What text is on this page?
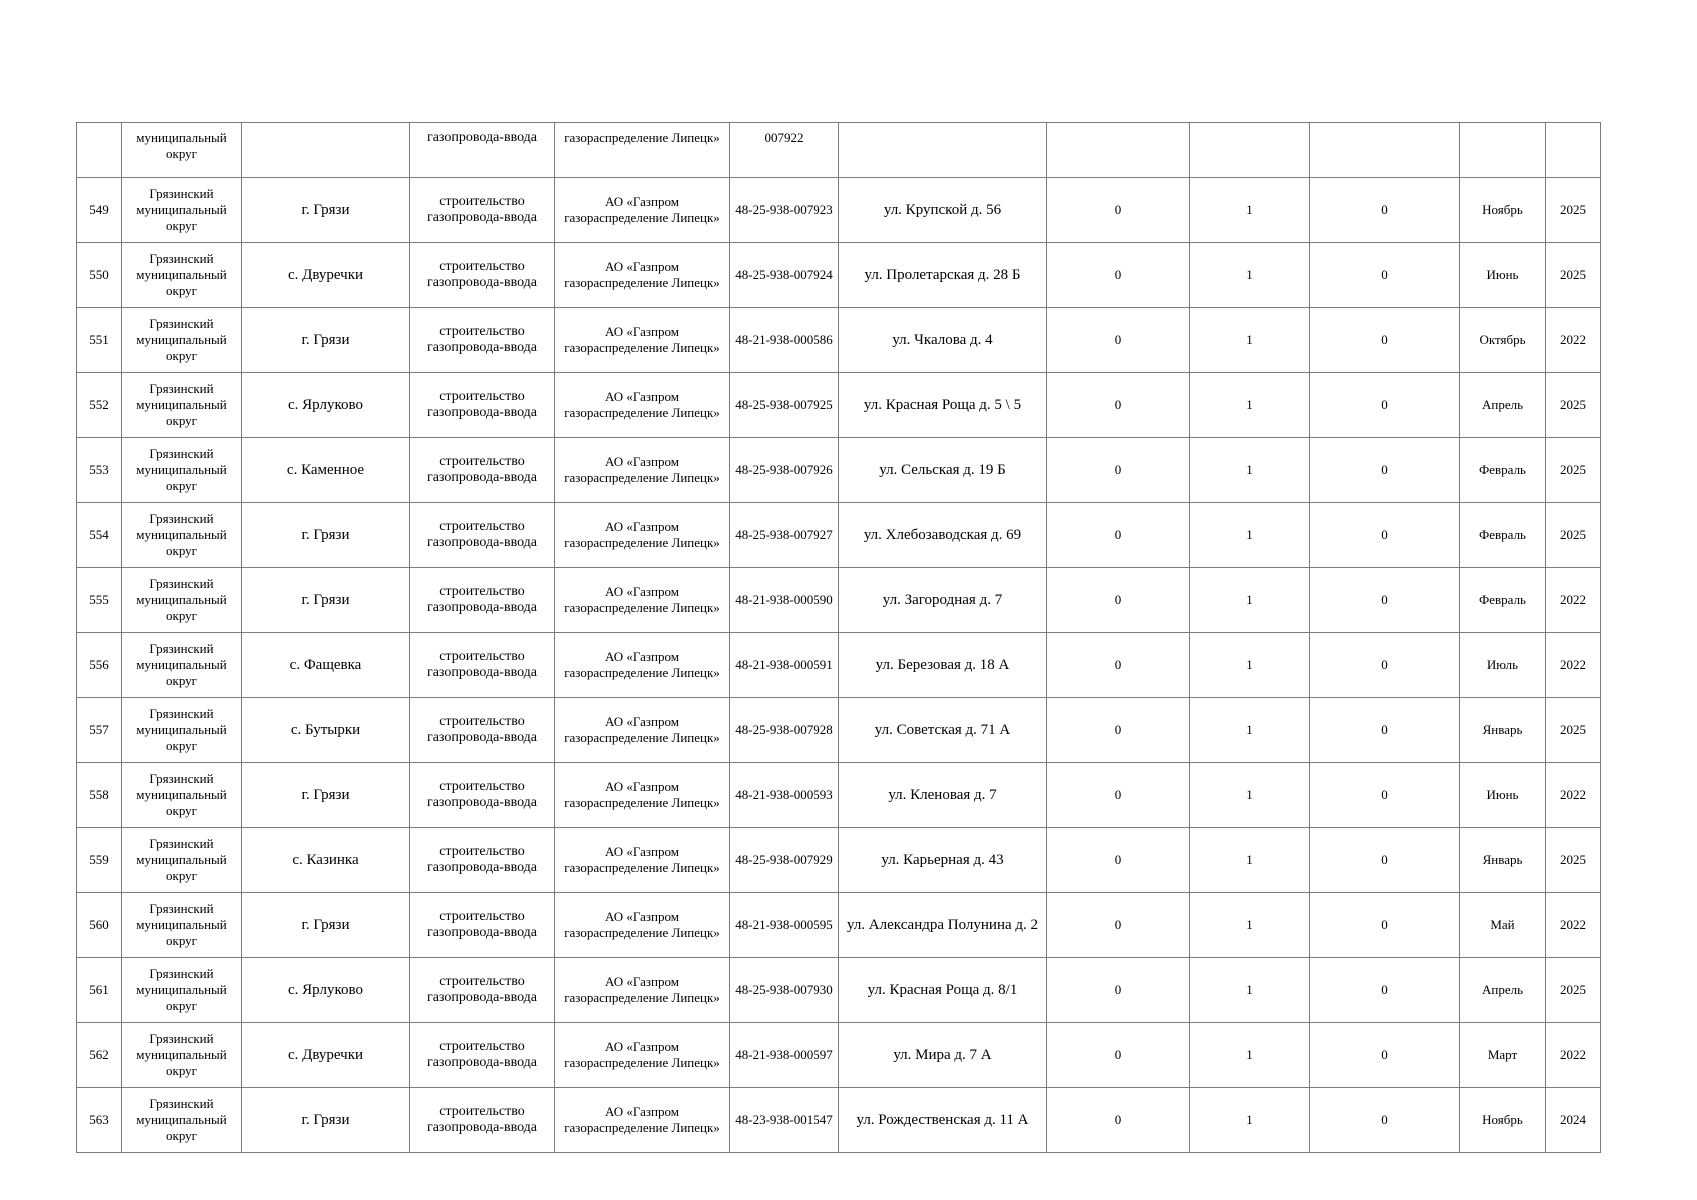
	муниципальный округ		газопровода-ввода	газораспределение Липецк»	007922						
549	Грязинский муниципальный округ	г. Грязи	строительство газопровода-ввода	АО «Газпром газораспределение Липецк»	48-25-938-007923	ул. Крупской д. 56	0	1	0	Ноябрь	2025
550	Грязинский муниципальный округ	с. Двуречки	строительство газопровода-ввода	АО «Газпром газораспределение Липецк»	48-25-938-007924	ул. Пролетарская д. 28 Б	0	1	0	Июнь	2025
551	Грязинский муниципальный округ	г. Грязи	строительство газопровода-ввода	АО «Газпром газораспределение Липецк»	48-21-938-000586	ул. Чкалова д. 4	0	1	0	Октябрь	2022
552	Грязинский муниципальный округ	с. Ярлуково	строительство газопровода-ввода	АО «Газпром газораспределение Липецк»	48-25-938-007925	ул. Красная Роща д. 5 \ 5	0	1	0	Апрель	2025
553	Грязинский муниципальный округ	с. Каменное	строительство газопровода-ввода	АО «Газпром газораспределение Липецк»	48-25-938-007926	ул. Сельская д. 19 Б	0	1	0	Февраль	2025
554	Грязинский муниципальный округ	г. Грязи	строительство газопровода-ввода	АО «Газпром газораспределение Липецк»	48-25-938-007927	ул. Хлебозаводская д. 69	0	1	0	Февраль	2025
555	Грязинский муниципальный округ	г. Грязи	строительство газопровода-ввода	АО «Газпром газораспределение Липецк»	48-21-938-000590	ул. Загородная д. 7	0	1	0	Февраль	2022
556	Грязинский муниципальный округ	с. Фащевка	строительство газопровода-ввода	АО «Газпром газораспределение Липецк»	48-21-938-000591	ул. Березовая д. 18 А	0	1	0	Июль	2022
557	Грязинский муниципальный округ	с. Бутырки	строительство газопровода-ввода	АО «Газпром газораспределение Липецк»	48-25-938-007928	ул. Советская д. 71 А	0	1	0	Январь	2025
558	Грязинский муниципальный округ	г. Грязи	строительство газопровода-ввода	АО «Газпром газораспределение Липецк»	48-21-938-000593	ул. Кленовая д. 7	0	1	0	Июнь	2022
559	Грязинский муниципальный округ	с. Казинка	строительство газопровода-ввода	АО «Газпром газораспределение Липецк»	48-25-938-007929	ул. Карьерная д. 43	0	1	0	Январь	2025
560	Грязинский муниципальный округ	г. Грязи	строительство газопровода-ввода	АО «Газпром газораспределение Липецк»	48-21-938-000595	ул. Александра Полунина д. 2	0	1	0	Май	2022
561	Грязинский муниципальный округ	с. Ярлуково	строительство газопровода-ввода	АО «Газпром газораспределение Липецк»	48-25-938-007930	ул. Красная Роща д. 8/1	0	1	0	Апрель	2025
562	Грязинский муниципальный округ	с. Двуречки	строительство газопровода-ввода	АО «Газпром газораспределение Липецк»	48-21-938-000597	ул. Мира д. 7 А	0	1	0	Март	2022
563	Грязинский муниципальный округ	г. Грязи	строительство газопровода-ввода	АО «Газпром газораспределение Липецк»	48-23-938-001547	ул. Рождественская д. 11 А	0	1	0	Ноябрь	2024
